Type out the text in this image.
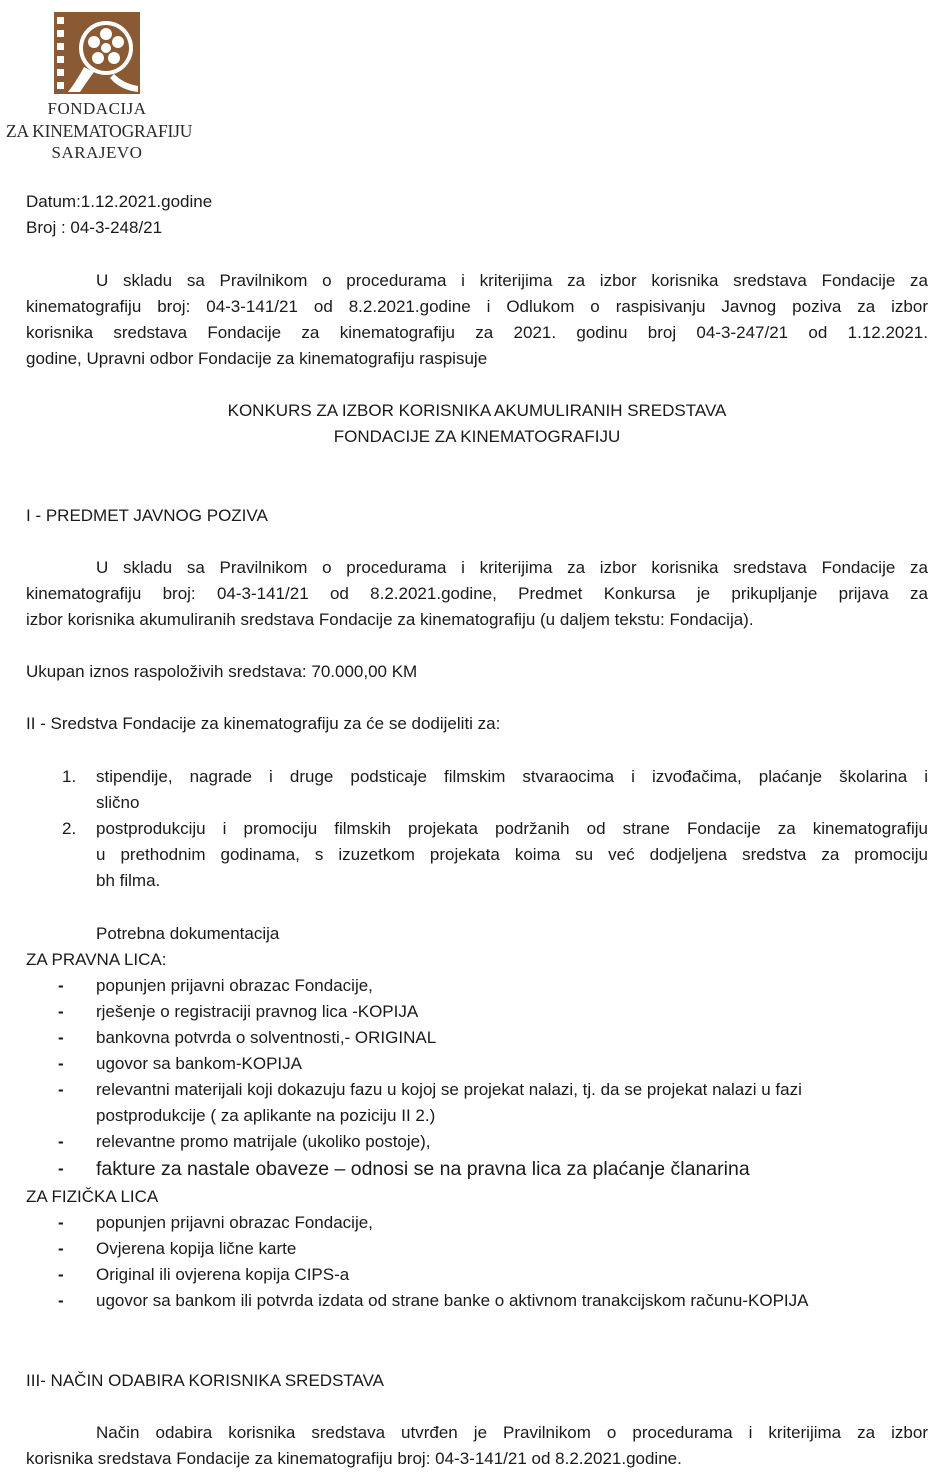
FONDACIJA
ZA KINEMATOGRAFIJU
SARAJEVO
Datum:1.12.2021.godine
Broj : 04-3-248/21
U skladu sa Pravilnikom o procedurama i kriterijima za izbor korisnika sredstava Fondacije za
kinematografiju broj: 04-3-141/21 od 8.2.2021.godine i Odlukom o raspisivanju Javnog poziva za izbor
korisnika sredstava Fondacije za kinematografiju za 2021. godinu broj 04-3-247/21 od 1.12.2021.
godine, Upravni odbor Fondacije za kinematografiju raspisuje
KONKURS ZA IZBOR KORISNIKA AKUMULIRANIH SREDSTAVA
FONDACIJE ZA KINEMATOGRAFIJU
I - PREDMET JAVNOG POZIVA
U skladu sa Pravilnikom o procedurama i kriterijima za izbor korisnika sredstava Fondacije za
kinematografiju broj: 04-3-141/21 od 8.2.2021.godine, Predmet Konkursa je prikupljanje prijava za
izbor korisnika akumuliranih sredstava Fondacije za kinematografiju (u daljem tekstu: Fondacija).
Ukupan iznos raspoloživih sredstava: 70.000,00 KM
II - Sredstva Fondacije za kinematografiju za će se dodijeliti za:
1.	stipendije, nagrade i druge podsticaje filmskim stvaraocima i izvođačima, plaćanje školarina i
slično
2.	postprodukciju i promociju filmskih projekata podržanih od strane Fondacije za kinematografiju
u prethodnim godinama, s izuzetkom projekata koima su već dodjeljena sredstva za promociju
bh filma.
Potrebna dokumentacija
ZA PRAVNA LICA:
-	popunjen prijavni obrazac Fondacije,
-	rješenje o registraciji pravnog lica -KOPIJA
-	bankovna potvrda o solventnosti,- ORIGINAL
-	ugovor sa bankom-KOPIJA
-	relevantni materijali koji dokazuju fazu u kojoj se projekat nalazi, tj. da se projekat nalazi u fazi
postprodukcije ( za aplikante na poziciju II 2.)
-	relevantne promo matrijale (ukoliko postoje),
-	fakture za nastale obaveze – odnosi se na pravna lica za plaćanje članarina
ZA FIZIČKA LICA
-	popunjen prijavni obrazac Fondacije,
-	Ovjerena kopija lične karte
-	Original ili ovjerena kopija CIPS-a
-	ugovor sa bankom ili potvrda izdata od strane banke o aktivnom tranakcijskom računu-KOPIJA
III- NAČIN ODABIRA KORISNIKA SREDSTAVA
Način odabira korisnika sredstava utvrđen je Pravilnikom o procedurama i kriterijima za izbor
korisnika sredstava Fondacije za kinematografiju broj: 04-3-141/21 od 8.2.2021.godine.
